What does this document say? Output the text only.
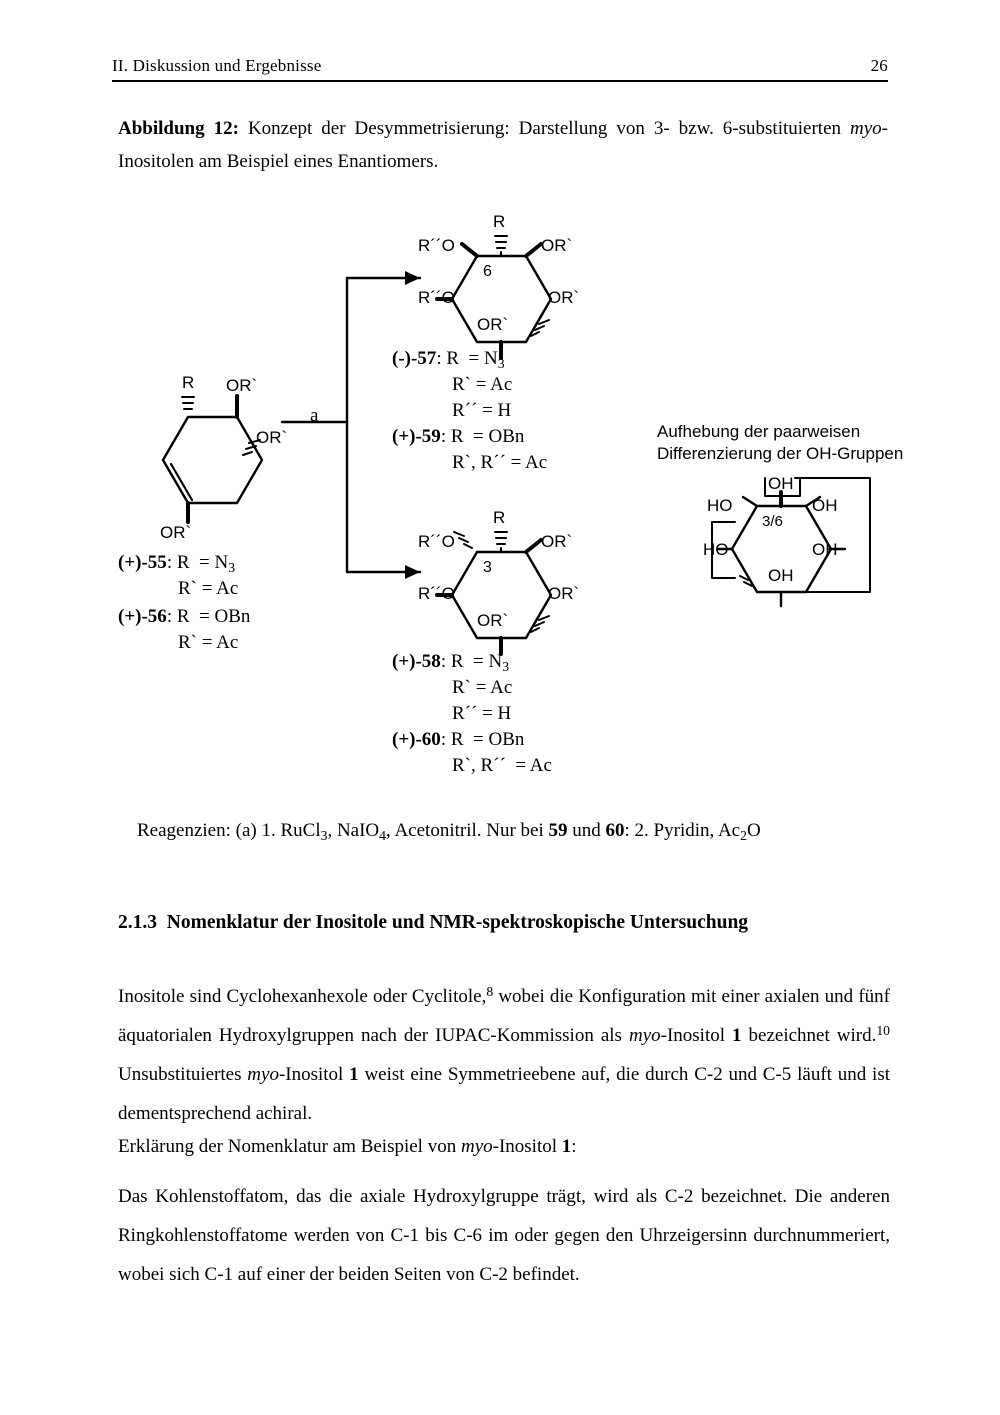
II. Diskussion und Ergebnisse	26
Abbildung 12: Konzept der Desymmetrisierung: Darstellung von 3- bzw. 6-substituierten myo-Inositolen am Beispiel eines Enantiomers.
R OR`
OR`
OR`
(+)-55: $R = N_3$
R` = Ac
(+)-56: R  = OBn
R` = Ac
a
R
R´´O	OR`
R´´O	OR`
OR`
6
(-)-57: $R = N_3$
R` = Ac
R´´ = H
(+)-59: R  = OBn
R`, R´´ = Ac
R
R´´O	OR`
R´´O	OR`
OR`
3
(+)-58: $R = N_3$
R` = Ac
R´´ = H
(+)-60: R  = OBn
R`, R´´  = Ac
Aufhebung der paarweisen
Differenzierung der OH-Gruppen
OH
HO	OH
HO	OH
OH
3/6

Reagenzien: (a) 1. RuCl$_3$, NaIO$_4$, Acetonitril. Nur bei 59 und 60: 2. Pyridin, $Ac_2O$

2.1.3 Nomenklatur der Inositole und NMR-spektroskopische Untersuchung
Inositole sind Cyclohexanhexole oder Cyclitole,$^8$ wobei die Konfiguration mit einer axialen und fünf äquatorialen Hydroxylgruppen nach der IUPAC-Kommission als myo-Inositol 1 bezeichnet wird.$^{10}$ Unsubstituiertes myo-Inositol 1 weist eine Symmetrieebene auf, die durch C-2 und C-5 läuft und ist dementsprechend achiral.
Erklärung der Nomenklatur am Beispiel von myo-Inositol 1:
Das Kohlenstoffatom, das die axiale Hydroxylgruppe trägt, wird als C-2 bezeichnet. Die anderen Ringkohlenstoffatome werden von C-1 bis C-6 im oder gegen den Uhrzeigersinn durchnummeriert, wobei sich C-1 auf einer der beiden Seiten von C-2 befindet.
